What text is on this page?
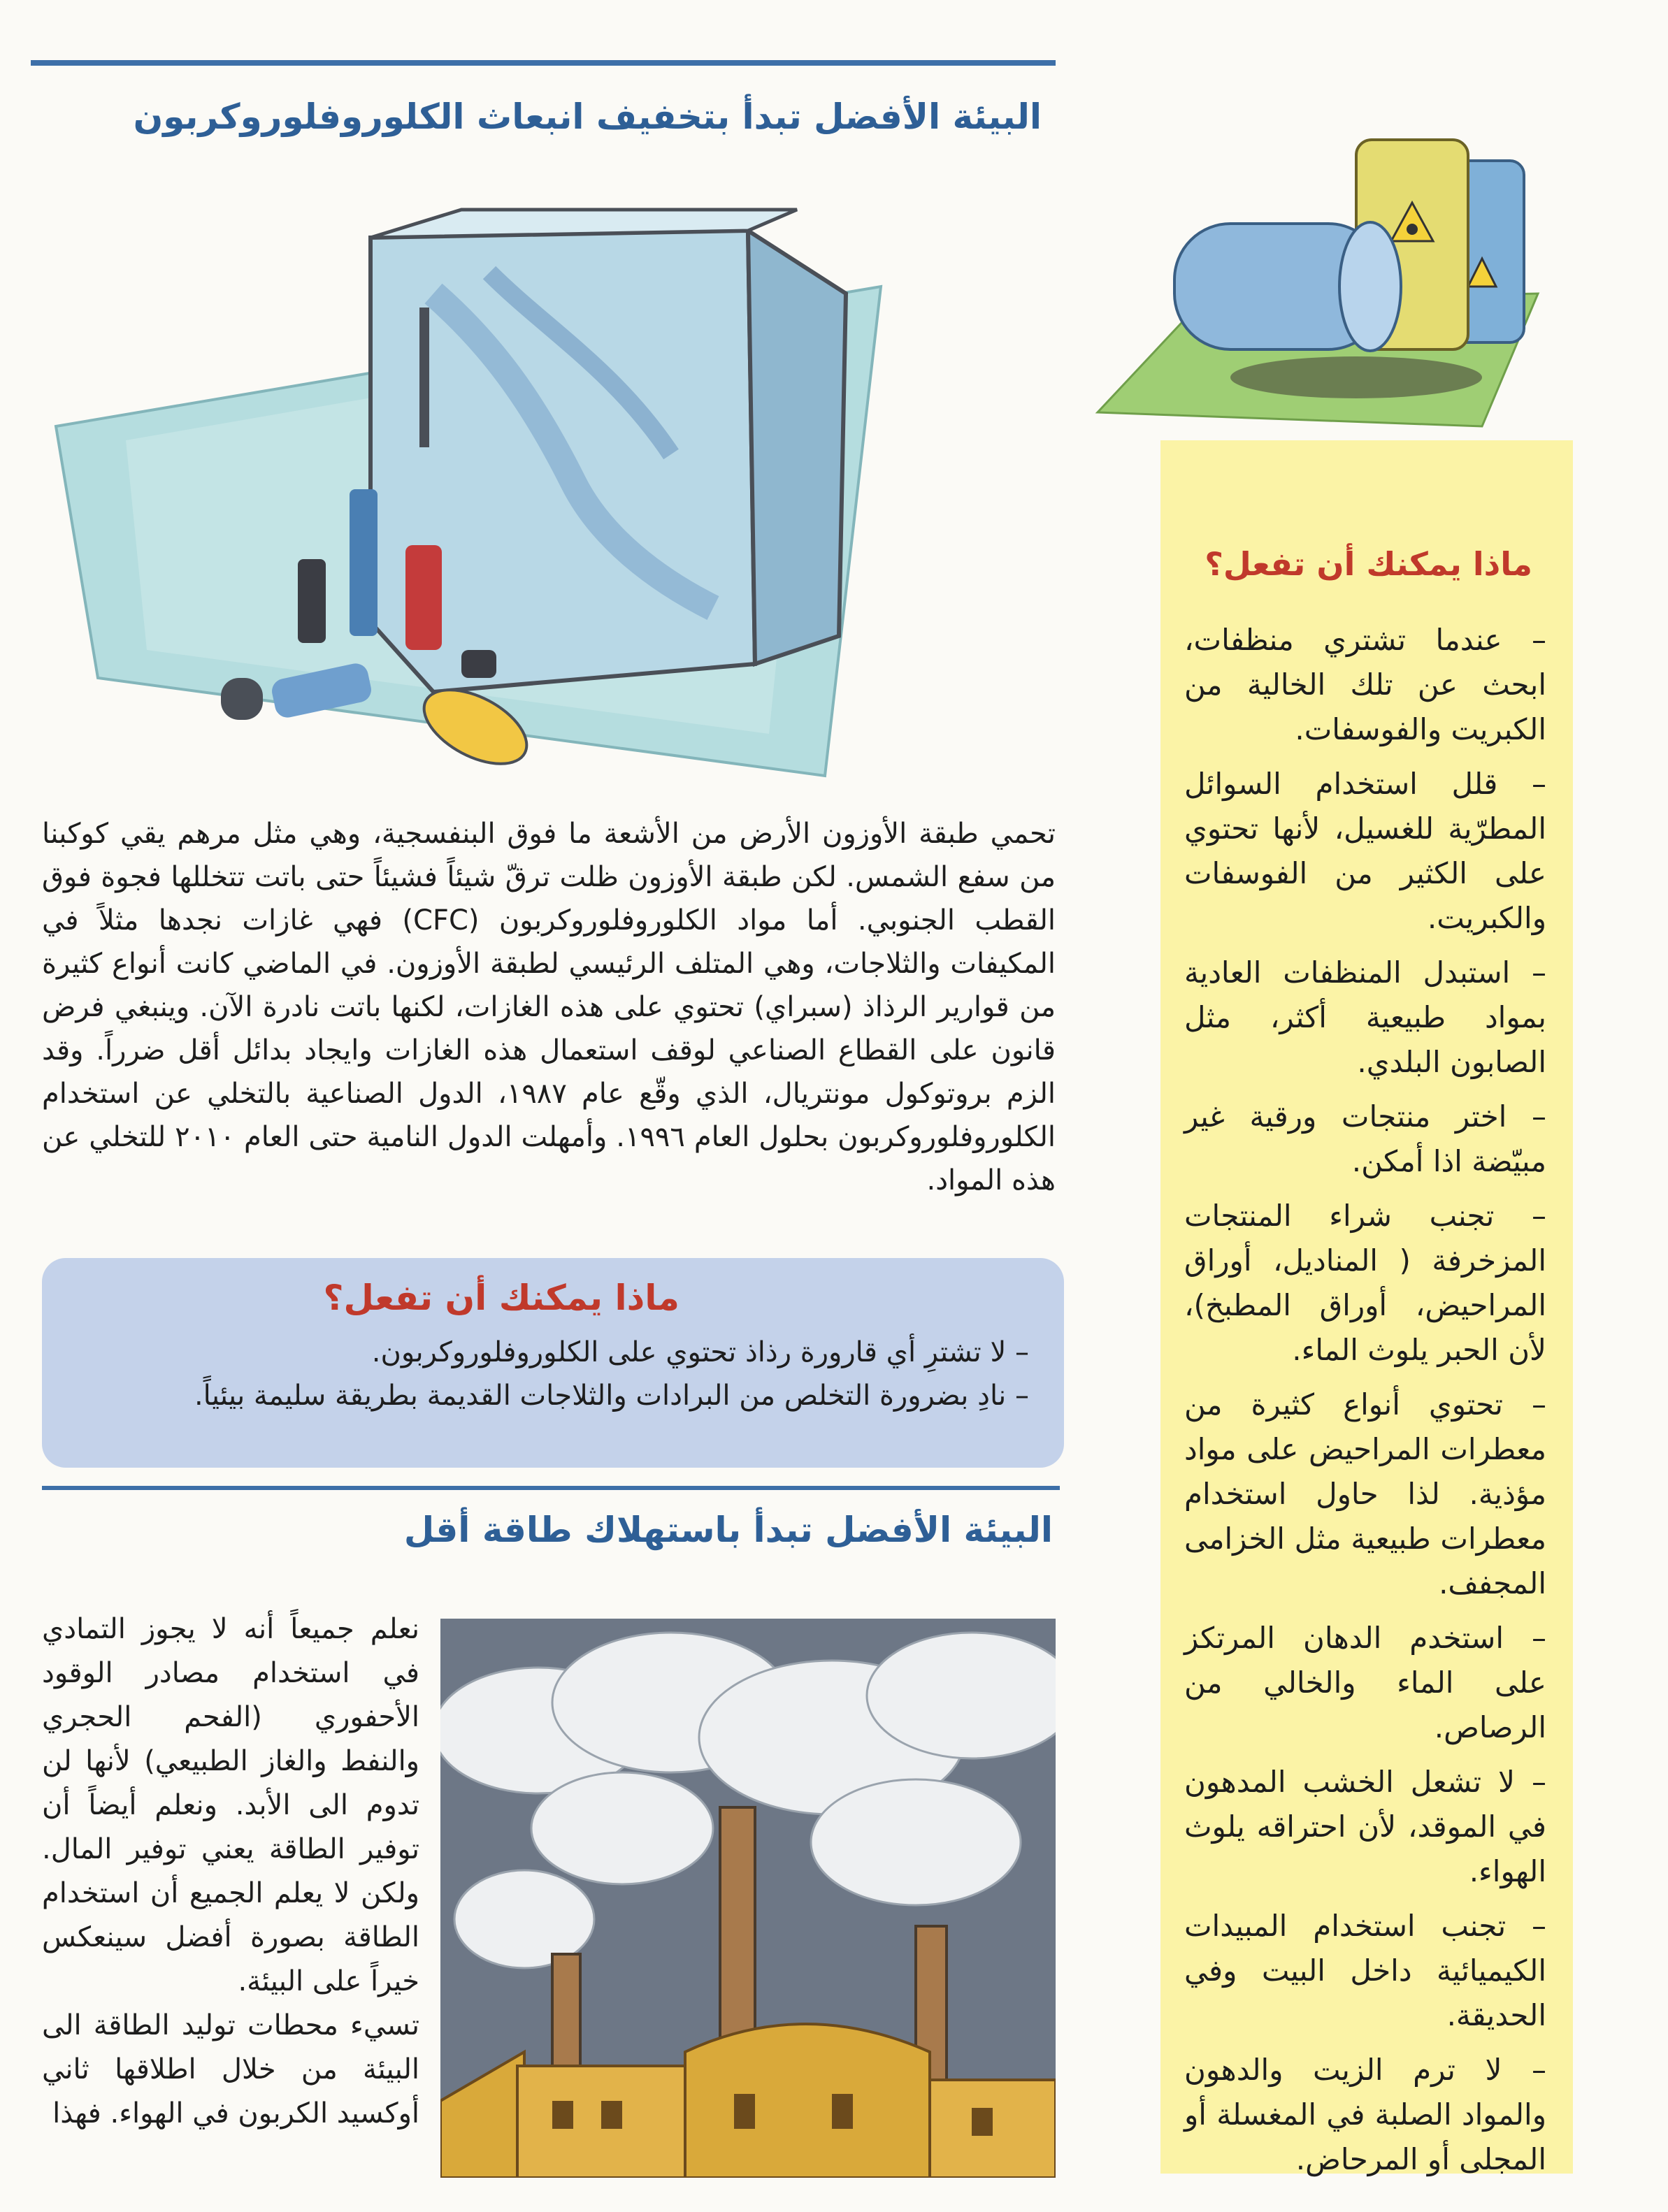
البيئة الأفضل تبدأ بتخفيف انبعاث الكلوروفلوروكربون

تحمي طبقة الأوزون الأرض من الأشعة ما فوق البنفسجية، وهي مثل مرهم يقي كوكبنا من سفع الشمس. لكن طبقة الأوزون ظلت ترقّ شيئاً فشيئاً حتى باتت تتخللها فجوة فوق القطب الجنوبي. أما مواد الكلوروفلوروكربون (CFC) فهي غازات نجدها مثلاً في المكيفات والثلاجات، وهي المتلف الرئيسي لطبقة الأوزون. في الماضي كانت أنواع كثيرة من قوارير الرذاذ (سبراي) تحتوي على هذه الغازات، لكنها باتت نادرة الآن. وينبغي فرض قانون على القطاع الصناعي لوقف استعمال هذه الغازات وايجاد بدائل أقل ضرراً. وقد الزم بروتوكول مونتريال، الذي وقّع عام ١٩٨٧، الدول الصناعية بالتخلي عن استخدام الكلوروفلوروكربون بحلول العام ١٩٩٦. وأمهلت الدول النامية حتى العام ٢٠١٠ للتخلي عن هذه المواد.

ماذا يمكنك أن تفعل؟
– لا تشترِ أي قارورة رذاذ تحتوي على الكلوروفلوروكربون.
– نادِ بضرورة التخلص من البرادات والثلاجات القديمة بطريقة سليمة بيئياً.
البيئة الأفضل تبدأ باستهلاك طاقة أقل

نعلم جميعاً أنه لا يجوز التمادي في استخدام مصادر الوقود الأحفوري (الفحم الحجري والنفط والغاز الطبيعي) لأنها لن تدوم الى الأبد. ونعلم أيضاً أن توفير الطاقة يعني توفير المال. ولكن لا يعلم الجميع أن استخدام الطاقة بصورة أفضل سينعكس خيراً على البيئة.

تسيء محطات توليد الطاقة الى البيئة من خلال اطلاقها ثاني أوكسيد الكربون في الهواء. فهذا

ماذا يمكنك أن تفعل؟

– عندما تشتري منظفات، ابحث عن تلك الخالية من الكبريت والفوسفات.

– قلل استخدام السوائل المطرّية للغسيل، لأنها تحتوي على الكثير من الفوسفات والكبريت.

– استبدل المنظفات العادية بمواد طبيعية أكثر، مثل الصابون البلدي.

– اختر منتجات ورقية غير مبيّضة اذا أمكن.

– تجنب شراء المنتجات المزخرفة ( المناديل، أوراق المراحيض، أوراق المطبخ)، لأن الحبر يلوث الماء.

– تحتوي أنواع كثيرة من معطرات المراحيض على مواد مؤذية. لذا حاول استخدام معطرات طبيعية مثل الخزامى المجفف.

– استخدم الدهان المرتكز على الماء والخالي من الرصاص.

– لا تشعل الخشب المدهون في الموقد، لأن احتراقه يلوث الهواء.

– تجنب استخدام المبيدات الكيميائية داخل البيت وفي الحديقة.

– لا ترم الزيت والدهون والمواد الصلبة في المغسلة أو المجلى أو المرحاض.
